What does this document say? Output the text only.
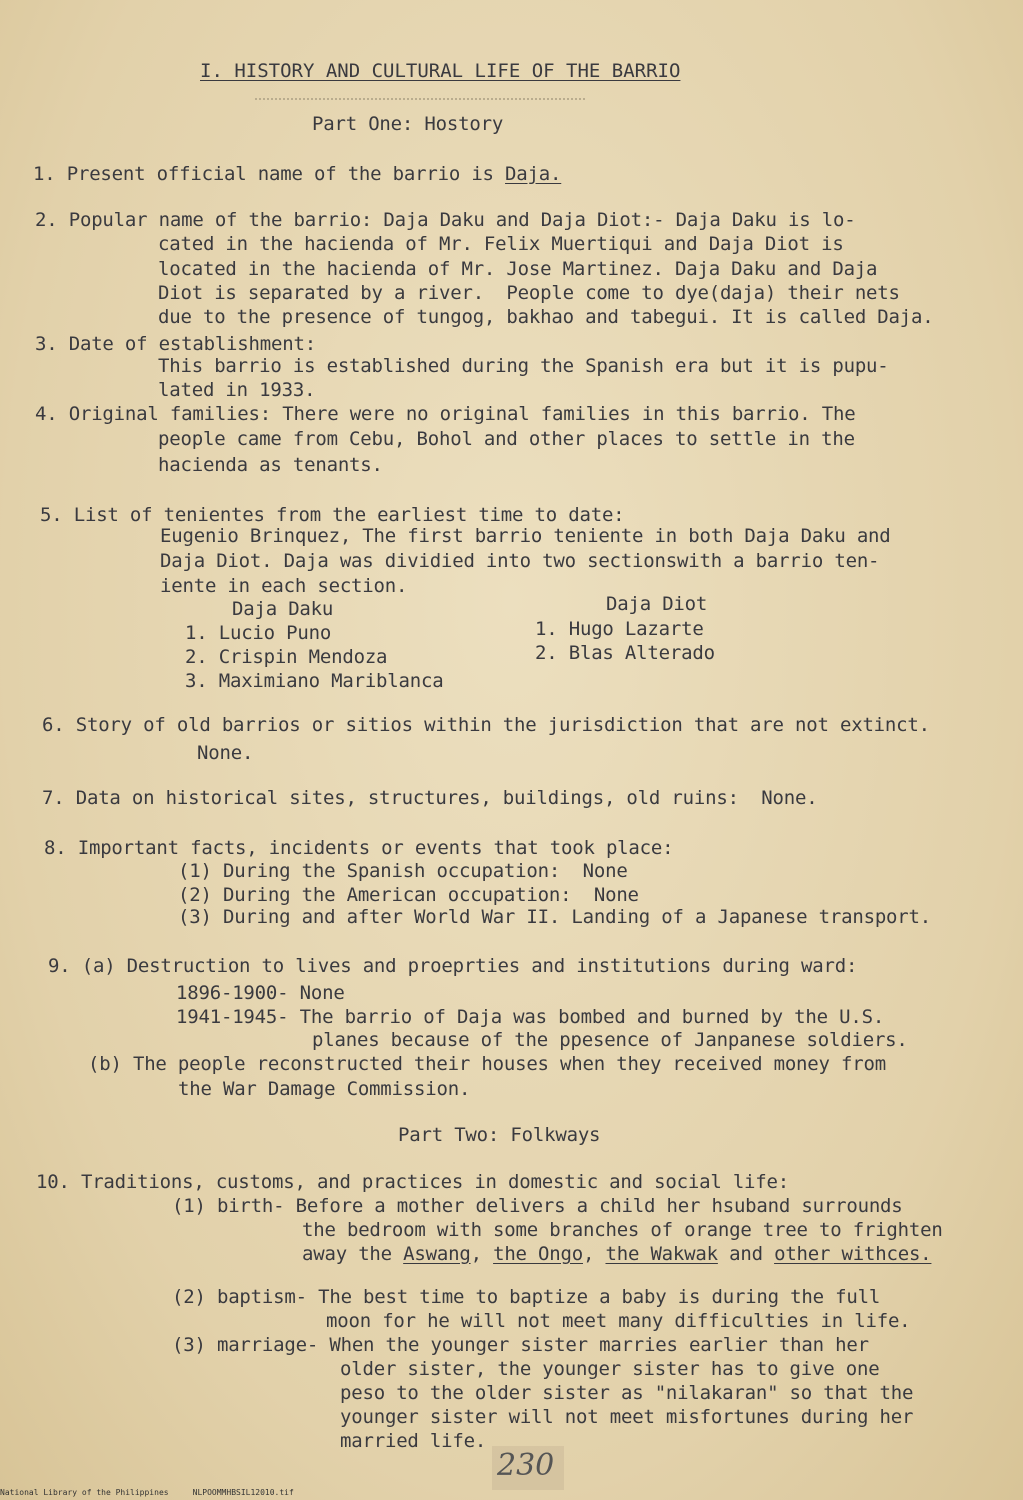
I. HISTORY AND CULTURAL LIFE OF THE BARRIO
Part One: Hostory
1. Present official name of the barrio is Daja.
2. Popular name of the barrio: Daja Daku and Daja Diot:- Daja Daku is lo-
cated in the hacienda of Mr. Felix Muertiqui and Daja Diot is
located in the hacienda of Mr. Jose Martinez. Daja Daku and Daja
Diot is separated by a river.  People come to dye(daja) their nets
due to the presence of tungog, bakhao and tabegui. It is called Daja.
3. Date of establishment:
This barrio is established during the Spanish era but it is pupu-
lated in 1933.
4. Original families: There were no original families in this barrio. The
people came from Cebu, Bohol and other places to settle in the
hacienda as tenants.
5. List of tenientes from the earliest time to date:
Eugenio Brinquez, The first barrio teniente in both Daja Daku and
Daja Diot. Daja was dividied into two sectionswith a barrio ten-
iente in each section.
Daja Daku
1. Lucio Puno
2. Crispin Mendoza
3. Maximiano Mariblanca
Daja Diot
1. Hugo Lazarte
2. Blas Alterado
6. Story of old barrios or sitios within the jurisdiction that are not extinct.
None.
7. Data on historical sites, structures, buildings, old ruins:  None.
8. Important facts, incidents or events that took place:
(1) During the Spanish occupation:  None
(2) During the American occupation:  None
(3) During and after World War II. Landing of a Japanese transport.
9. (a) Destruction to lives and proeprties and institutions during ward:
1896-1900- None
1941-1945- The barrio of Daja was bombed and burned by the U.S.
planes because of the ppesence of Janpanese soldiers.
(b) The people reconstructed their houses when they received money from
the War Damage Commission.
Part Two: Folkways
10. Traditions, customs, and practices in domestic and social life:
(1) birth- Before a mother delivers a child her hsuband surrounds
the bedroom with some branches of orange tree to frighten
away the Aswang, the Ongo, the Wakwak and other withces.
(2) baptism- The best time to baptize a baby is during the full
moon for he will not meet many difficulties in life.
(3) marriage- When the younger sister marries earlier than her
older sister, the younger sister has to give one
peso to the older sister as "nilakaran" so that the
younger sister will not meet misfortunes during her
married life.
230
National Library of the Philippines     NLPOOMMHBSIL12010.tif
